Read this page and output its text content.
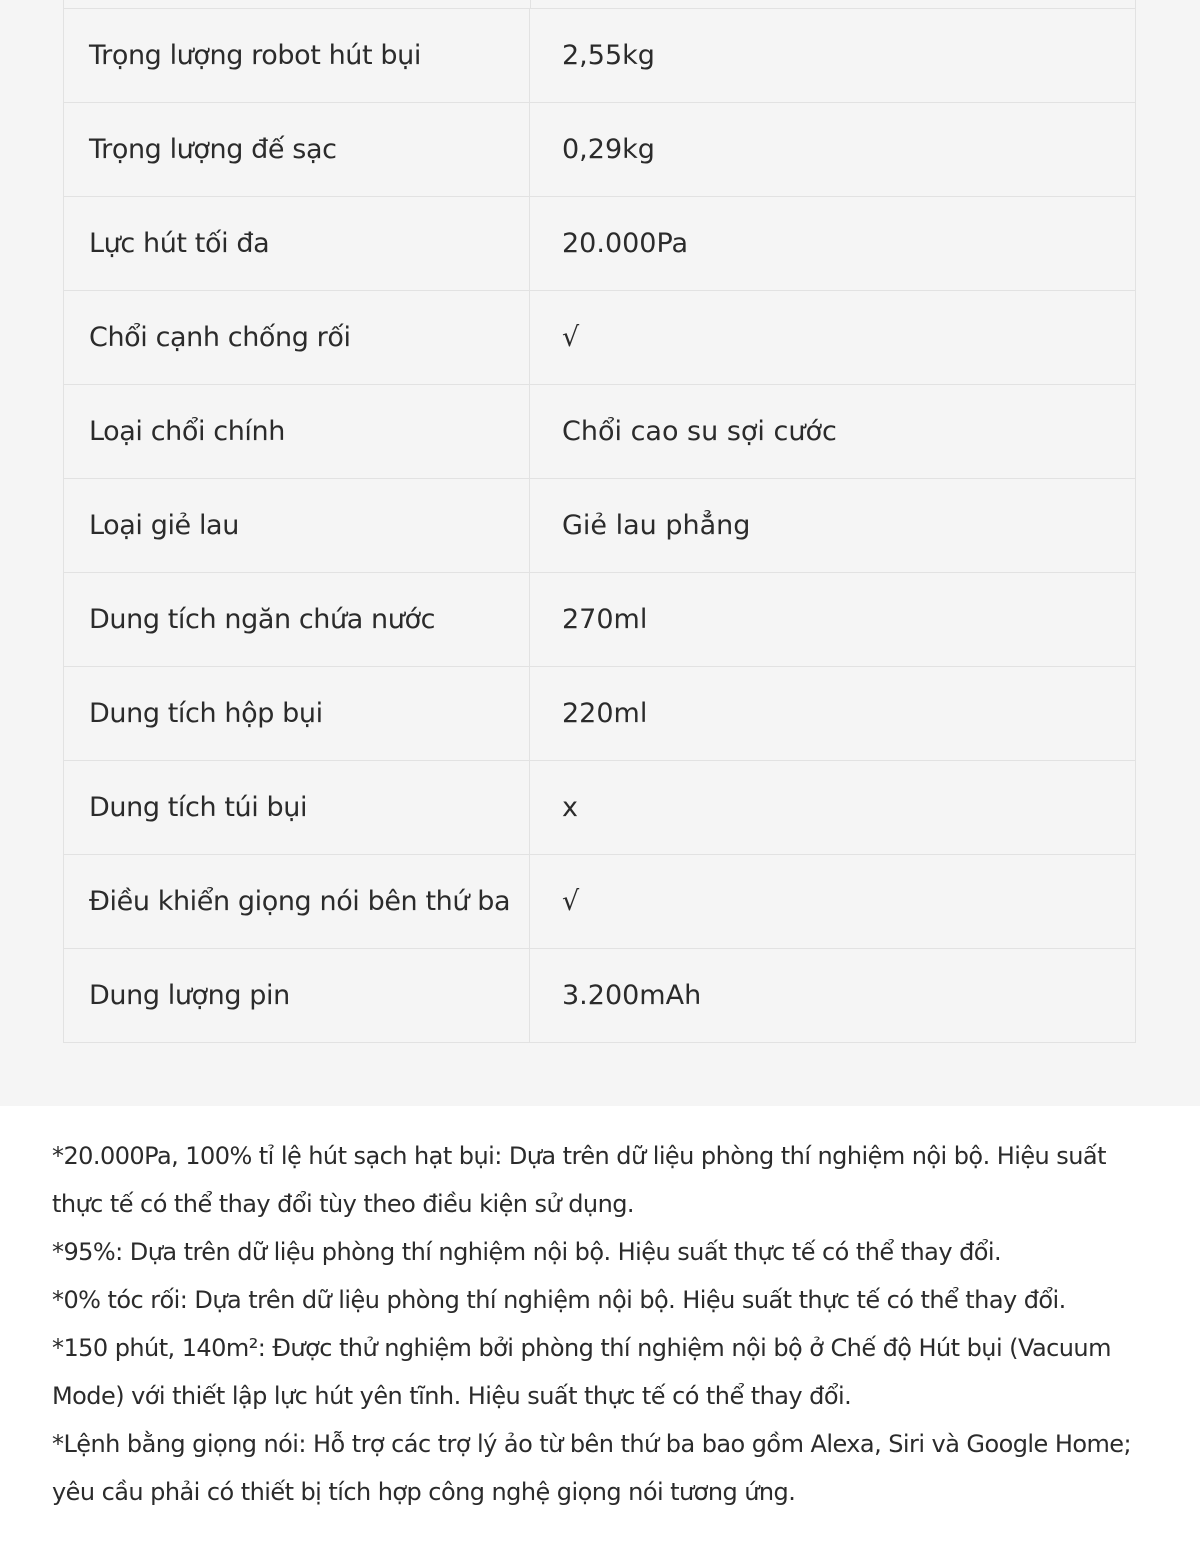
Trọng lượng robot hút bụi	2,55kg
Trọng lượng đế sạc	0,29kg
Lực hút tối đa	20.000Pa
Chổi cạnh chống rối	√
Loại chổi chính	Chổi cao su sợi cước
Loại giẻ lau	Giẻ lau phẳng
Dung tích ngăn chứa nước	270ml
Dung tích hộp bụi	220ml
Dung tích túi bụi	x
Điều khiển giọng nói bên thứ ba	√
Dung lượng pin	3.200mAh

*20.000Pa, 100% tỉ lệ hút sạch hạt bụi: Dựa trên dữ liệu phòng thí nghiệm nội bộ. Hiệu suất thực tế có thể thay đổi tùy theo điều kiện sử dụng.

*95%: Dựa trên dữ liệu phòng thí nghiệm nội bộ. Hiệu suất thực tế có thể thay đổi.

*0% tóc rối: Dựa trên dữ liệu phòng thí nghiệm nội bộ. Hiệu suất thực tế có thể thay đổi.

*150 phút, 140m²: Được thử nghiệm bởi phòng thí nghiệm nội bộ ở Chế độ Hút bụi (Vacuum Mode) với thiết lập lực hút yên tĩnh. Hiệu suất thực tế có thể thay đổi.

*Lệnh bằng giọng nói: Hỗ trợ các trợ lý ảo từ bên thứ ba bao gồm Alexa, Siri và Google Home; yêu cầu phải có thiết bị tích hợp công nghệ giọng nói tương ứng.
